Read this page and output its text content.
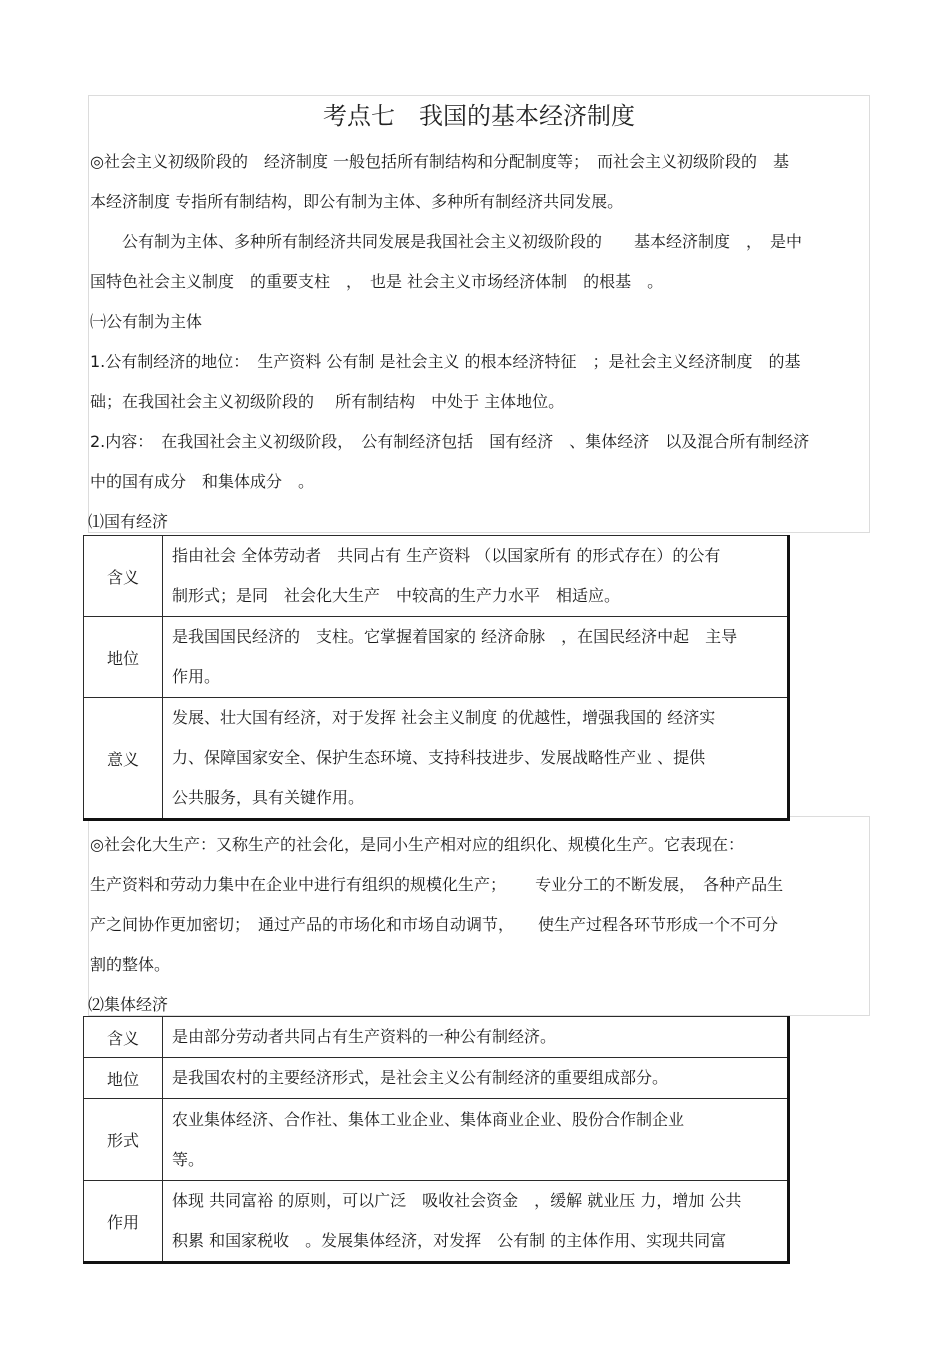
考点七　我国的基本经济制度
◎社会主义初级阶段的　经济制度 一般包括所有制结构和分配制度等；　而社会主义初级阶段的　基
本经济制度 专指所有制结构，即公有制为主体、多种所有制经济共同发展。
　　公有制为主体、多种所有制经济共同发展是我国社会主义初级阶段的　　基本经济制度　，　是中
国特色社会主义制度　的重要支柱　，　也是 社会主义市场经济体制　的根基　。
㈠公有制为主体
1.公有制经济的地位：　生产资料 公有制 是社会主义 的根本经济特征　；是社会主义经济制度　的基
础；在我国社会主义初级阶段的　 所有制结构　中处于 主体地位。
2.内容：　在我国社会主义初级阶段，　公有制经济包括　国有经济　、集体经济　以及混合所有制经济
中的国有成分　和集体成分　。
⑴国有经济
含义	指由社会 全体劳动者　共同占有 生产资料 （以国家所有 的形式存在）的公有
制形式；是同　社会化大生产　中较高的生产力水平　相适应。

地位	是我国国民经济的　支柱。它掌握着国家的 经济命脉　，在国民经济中起　主导
作用。

意义	发展、壮大国有经济，对于发挥 社会主义制度 的优越性，增强我国的 经济实
力、保障国家安全、保护生态环境、支持科技进步、发展战略性产业 、提供
公共服务，具有关键作用。
◎社会化大生产：又称生产的社会化，是同小生产相对应的组织化、规模化生产。它表现在：
生产资料和劳动力集中在企业中进行有组织的规模化生产；　　 专业分工的不断发展，　各种产品生
产之间协作更加密切；　通过产品的市场化和市场自动调节，　　使生产过程各环节形成一个不可分
割的整体。
⑵集体经济
含义	是由部分劳动者共同占有生产资料的一种公有制经济。

地位	是我国农村的主要经济形式，是社会主义公有制经济的重要组成部分。

形式	农业集体经济、合作社、集体工业企业、集体商业企业、股份合作制企业
等。

作用	体现 共同富裕 的原则，可以广泛　吸收社会资金　，缓解 就业压 力，增加 公共
积累 和国家税收　。发展集体经济，对发挥　公有制 的主体作用、实现共同富
